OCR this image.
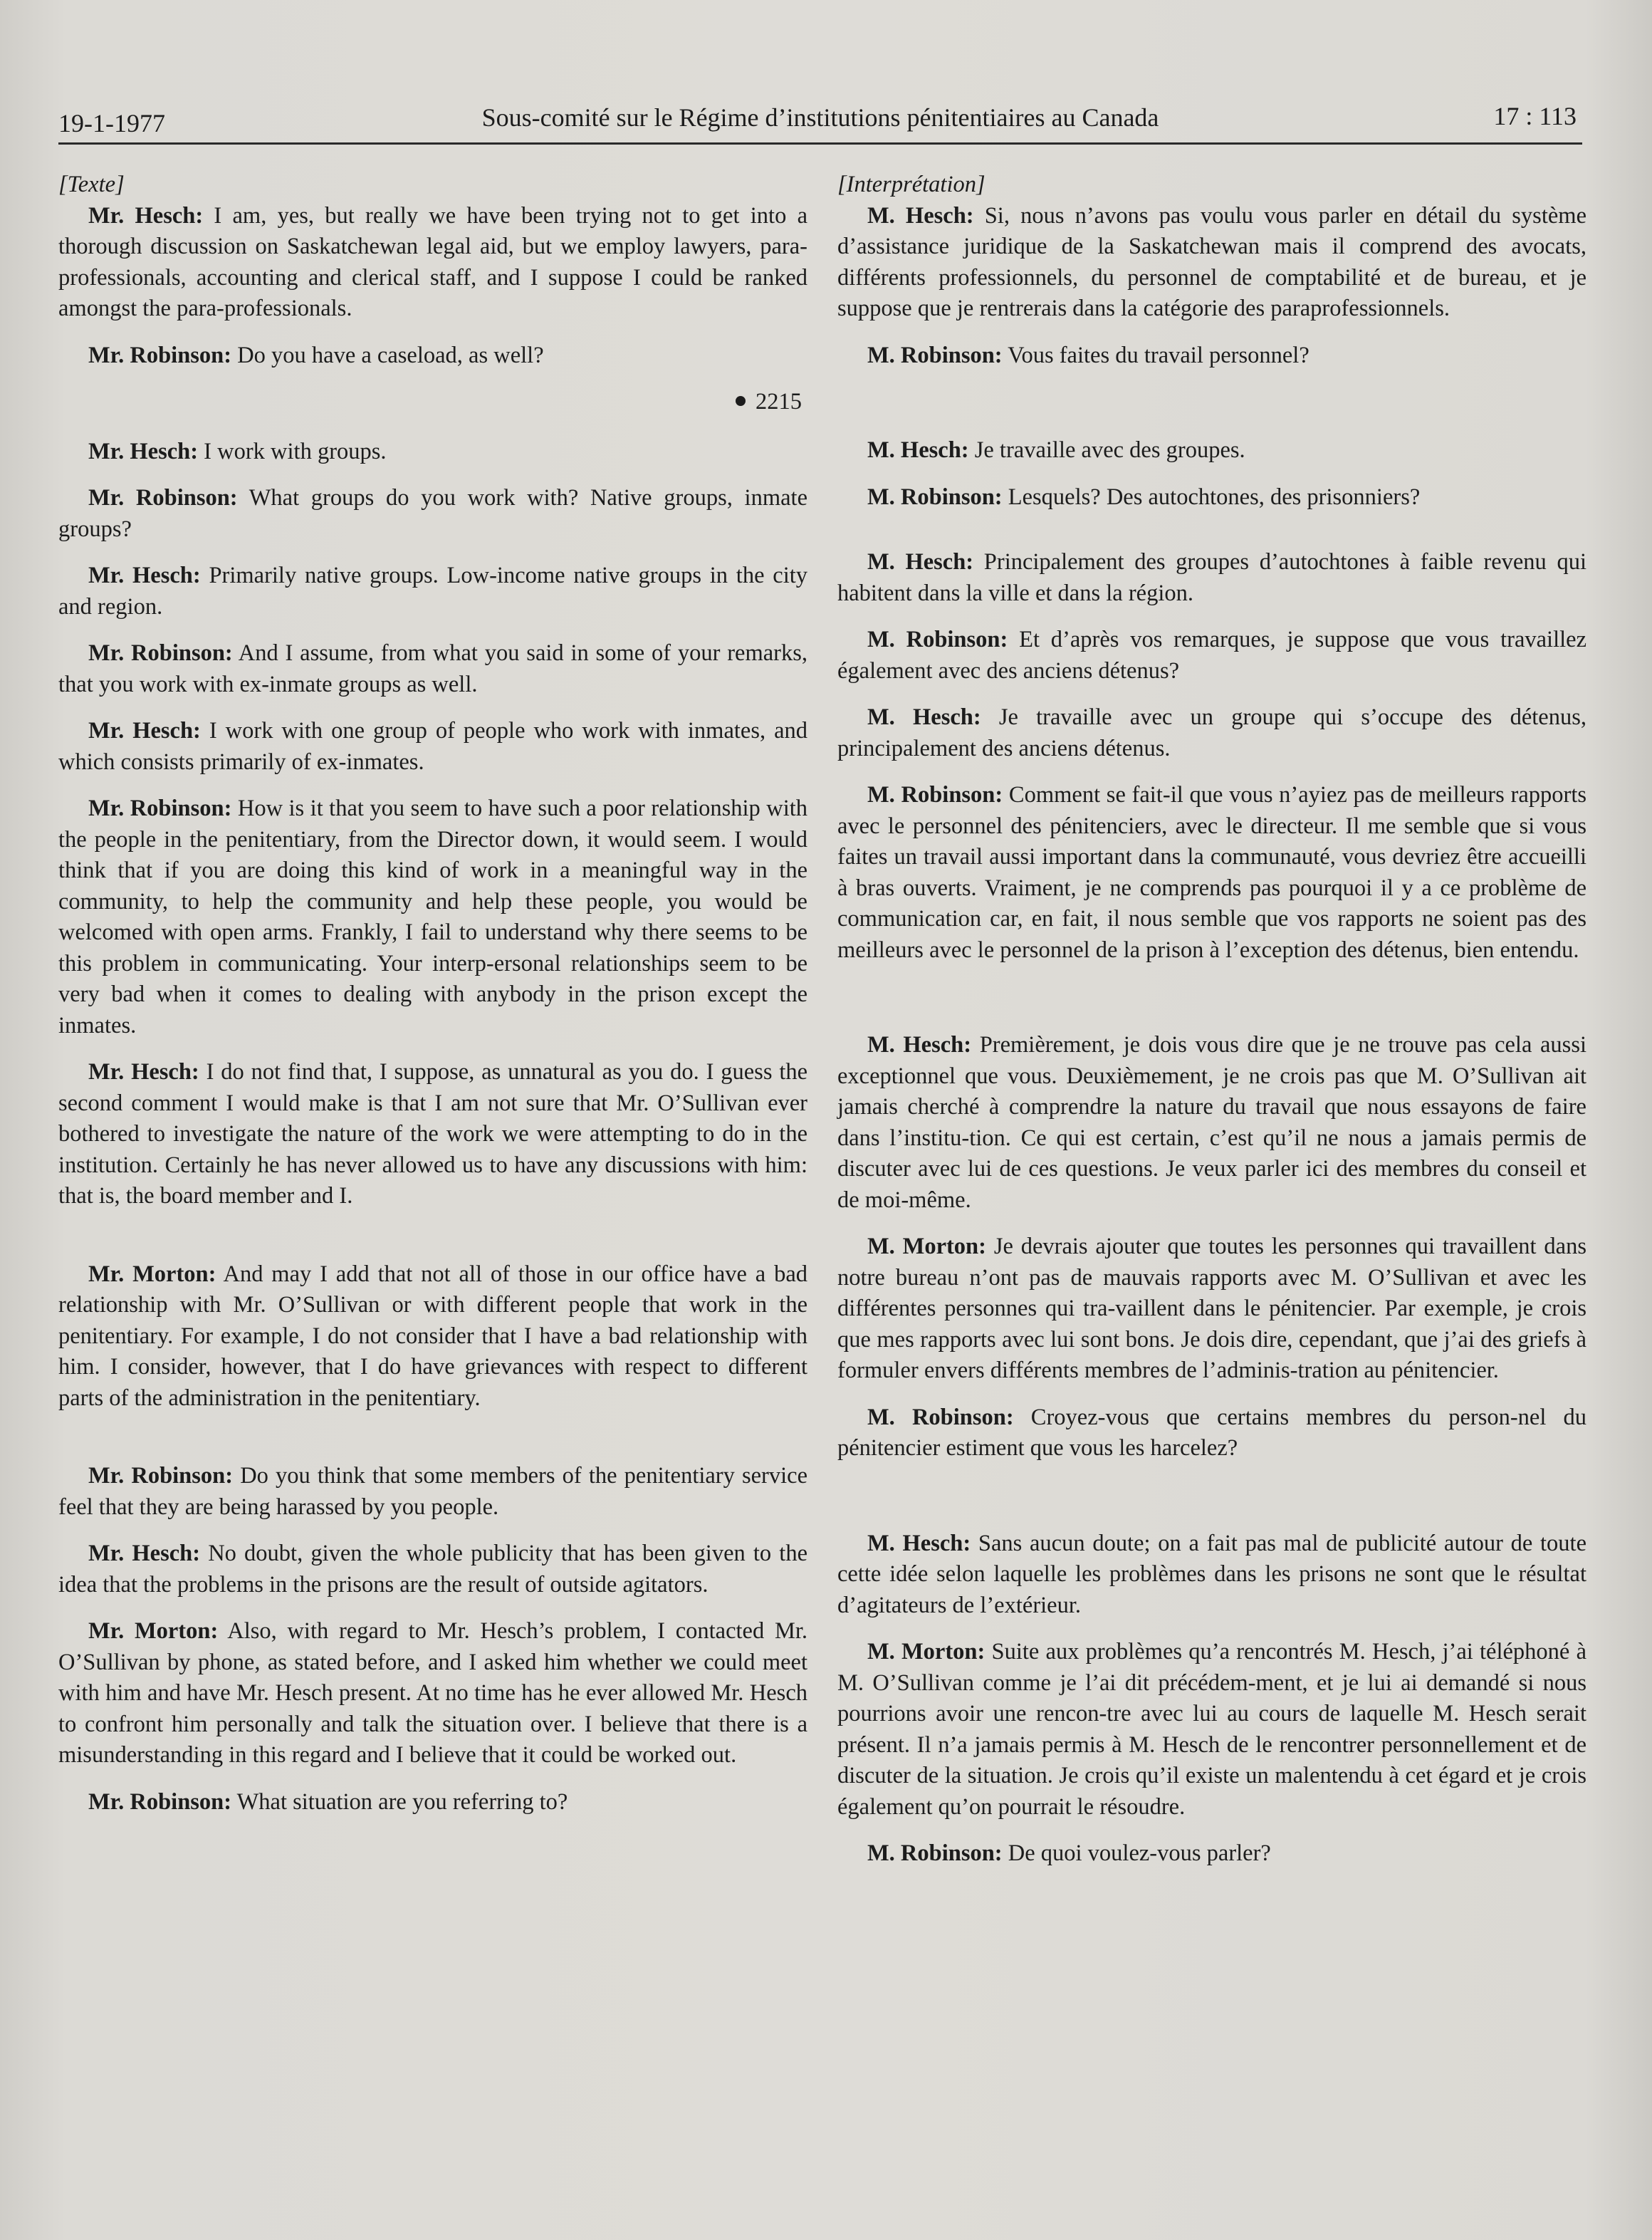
19-1-1977	Sous-comité sur le Régime d’institutions pénitentiaires au Canada	17 : 113
[Texte]

Mr. Hesch: I am, yes, but really we have been trying not to get into a thorough discussion on Saskatchewan legal aid, but we employ lawyers, para-professionals, accounting and clerical staff, and I suppose I could be ranked amongst the para-professionals.

Mr. Robinson: Do you have a caseload, as well?

2215

Mr. Hesch: I work with groups.

Mr. Robinson: What groups do you work with? Native groups, inmate groups?

Mr. Hesch: Primarily native groups. Low-income native groups in the city and region.

Mr. Robinson: And I assume, from what you said in some of your remarks, that you work with ex-inmate groups as well.

Mr. Hesch: I work with one group of people who work with inmates, and which consists primarily of ex-inmates.

Mr. Robinson: How is it that you seem to have such a poor relationship with the people in the penitentiary, from the Director down, it would seem. I would think that if you are doing this kind of work in a meaningful way in the community, to help the community and help these people, you would be welcomed with open arms. Frankly, I fail to understand why there seems to be this problem in communicating. Your interp-ersonal relationships seem to be very bad when it comes to dealing with anybody in the prison except the inmates.

Mr. Hesch: I do not find that, I suppose, as unnatural as you do. I guess the second comment I would make is that I am not sure that Mr. O’Sullivan ever bothered to investigate the nature of the work we were attempting to do in the institution. Certainly he has never allowed us to have any discussions with him: that is, the board member and I.

Mr. Morton: And may I add that not all of those in our office have a bad relationship with Mr. O’Sullivan or with different people that work in the penitentiary. For example, I do not consider that I have a bad relationship with him. I consider, however, that I do have grievances with respect to different parts of the administration in the penitentiary.

Mr. Robinson: Do you think that some members of the penitentiary service feel that they are being harassed by you people.

Mr. Hesch: No doubt, given the whole publicity that has been given to the idea that the problems in the prisons are the result of outside agitators.

Mr. Morton: Also, with regard to Mr. Hesch’s problem, I contacted Mr. O’Sullivan by phone, as stated before, and I asked him whether we could meet with him and have Mr. Hesch present. At no time has he ever allowed Mr. Hesch to confront him personally and talk the situation over. I believe that there is a misunderstanding in this regard and I believe that it could be worked out.

Mr. Robinson: What situation are you referring to?

[Interprétation]

M. Hesch: Si, nous n’avons pas voulu vous parler en détail du système d’assistance juridique de la Saskatchewan mais il comprend des avocats, différents professionnels, du personnel de comptabilité et de bureau, et je suppose que je rentrerais dans la catégorie des paraprofessionnels.

M. Robinson: Vous faites du travail personnel?

M. Hesch: Je travaille avec des groupes.

M. Robinson: Lesquels? Des autochtones, des prisonniers?

M. Hesch: Principalement des groupes d’autochtones à faible revenu qui habitent dans la ville et dans la région.

M. Robinson: Et d’après vos remarques, je suppose que vous travaillez également avec des anciens détenus?

M. Hesch: Je travaille avec un groupe qui s’occupe des détenus, principalement des anciens détenus.

M. Robinson: Comment se fait-il que vous n’ayiez pas de meilleurs rapports avec le personnel des pénitenciers, avec le directeur. Il me semble que si vous faites un travail aussi important dans la communauté, vous devriez être accueilli à bras ouverts. Vraiment, je ne comprends pas pourquoi il y a ce problème de communication car, en fait, il nous semble que vos rapports ne soient pas des meilleurs avec le personnel de la prison à l’exception des détenus, bien entendu.

M. Hesch: Premièrement, je dois vous dire que je ne trouve pas cela aussi exceptionnel que vous. Deuxièmement, je ne crois pas que M. O’Sullivan ait jamais cherché à comprendre la nature du travail que nous essayons de faire dans l’institu-tion. Ce qui est certain, c’est qu’il ne nous a jamais permis de discuter avec lui de ces questions. Je veux parler ici des membres du conseil et de moi-même.

M. Morton: Je devrais ajouter que toutes les personnes qui travaillent dans notre bureau n’ont pas de mauvais rapports avec M. O’Sullivan et avec les différentes personnes qui tra-vaillent dans le pénitencier. Par exemple, je crois que mes rapports avec lui sont bons. Je dois dire, cependant, que j’ai des griefs à formuler envers différents membres de l’adminis-tration au pénitencier.

M. Robinson: Croyez-vous que certains membres du person-nel du pénitencier estiment que vous les harcelez?

M. Hesch: Sans aucun doute; on a fait pas mal de publicité autour de toute cette idée selon laquelle les problèmes dans les prisons ne sont que le résultat d’agitateurs de l’extérieur.

M. Morton: Suite aux problèmes qu’a rencontrés M. Hesch, j’ai téléphoné à M. O’Sullivan comme je l’ai dit précédem-ment, et je lui ai demandé si nous pourrions avoir une rencon-tre avec lui au cours de laquelle M. Hesch serait présent. Il n’a jamais permis à M. Hesch de le rencontrer personnellement et de discuter de la situation. Je crois qu’il existe un malentendu à cet égard et je crois également qu’on pourrait le résoudre.

M. Robinson: De quoi voulez-vous parler?
